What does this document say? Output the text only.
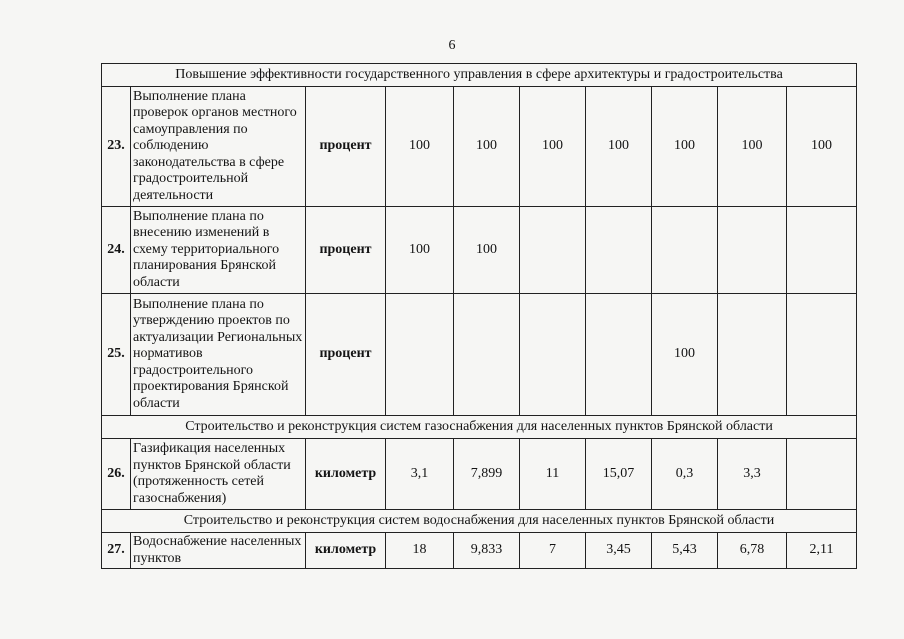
6
Повышение эффективности государственного управления в сфере архитектуры и градостроительства									
23.	Выполнение плана проверок органов местного самоуправления по соблюдению законодательства в сфере градостроительной деятельности	процент	100	100	100	100	100	100	100
24.	Выполнение плана по внесению изменений в схему территориального планирования Брянской области	процент	100	100					
25.	Выполнение плана по утверждению проектов по актуализации Региональных нормативов градостроительного проектирования Брянской области	процент					100		
Строительство и реконструкция систем газоснабжения для населенных пунктов Брянской области									
26.	Газификация населенных пунктов Брянской области (протяженность сетей газоснабжения)	километр	3,1	7,899	11	15,07	0,3	3,3	
Строительство и реконструкция систем водоснабжения для населенных пунктов Брянской области									
27.	Водоснабжение населенных пунктов	километр	18	9,833	7	3,45	5,43	6,78	2,11
